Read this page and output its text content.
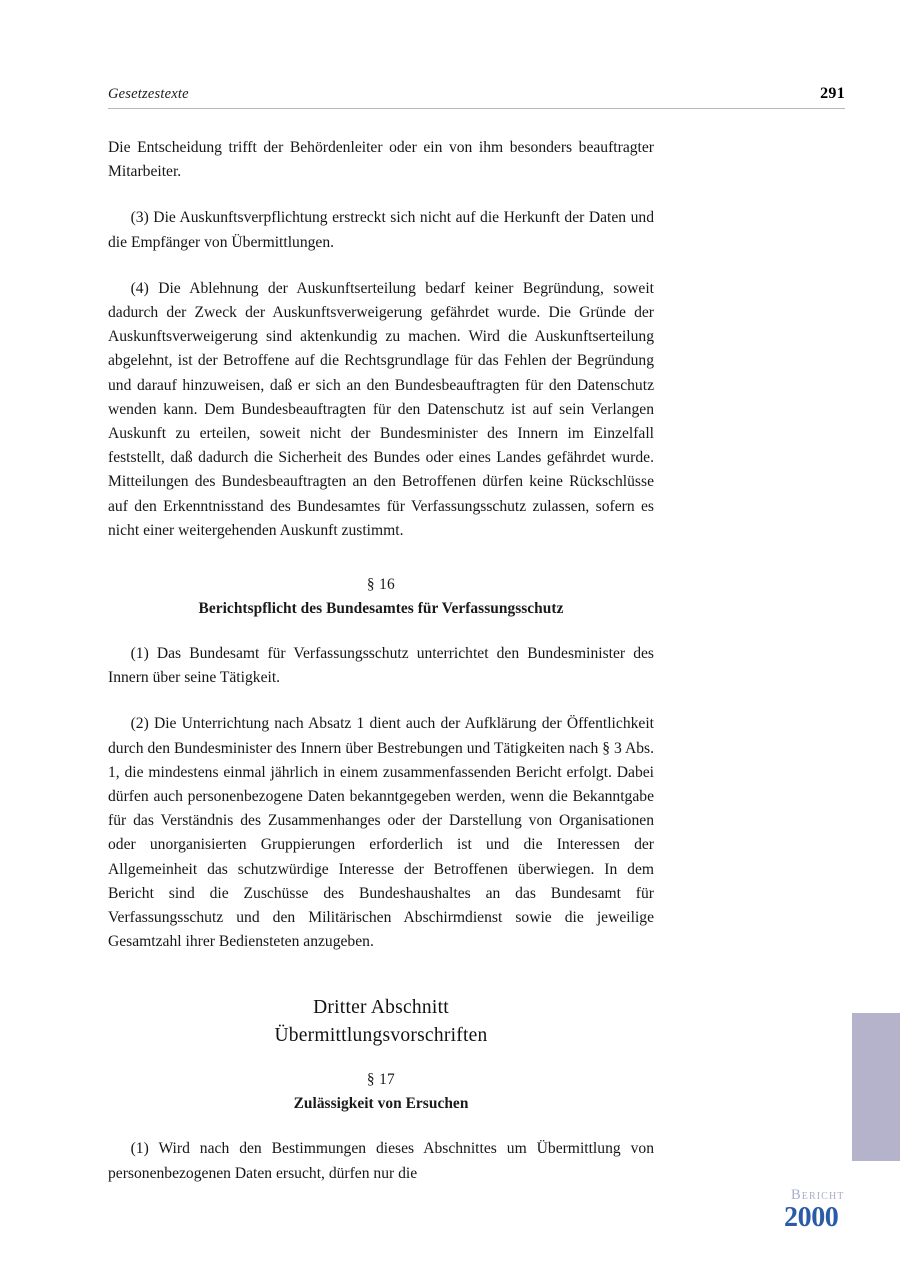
Gesetzestexte	291

Die Entscheidung trifft der Behördenleiter oder ein von ihm besonders beauftragter Mitarbeiter.

(3) Die Auskunftsverpflichtung erstreckt sich nicht auf die Herkunft der Daten und die Empfänger von Übermittlungen.

(4) Die Ablehnung der Auskunftserteilung bedarf keiner Begründung, soweit dadurch der Zweck der Auskunftsverweigerung gefährdet wurde. Die Gründe der Auskunftsverweigerung sind aktenkundig zu machen. Wird die Auskunftserteilung abgelehnt, ist der Betroffene auf die Rechtsgrundlage für das Fehlen der Begründung und darauf hinzuweisen, daß er sich an den Bundesbeauftragten für den Datenschutz wenden kann. Dem Bundesbeauftragten für den Datenschutz ist auf sein Verlangen Auskunft zu erteilen, soweit nicht der Bundesminister des Innern im Einzelfall feststellt, daß dadurch die Sicherheit des Bundes oder eines Landes gefährdet wurde. Mitteilungen des Bundesbeauftragten an den Betroffenen dürfen keine Rückschlüsse auf den Erkenntnisstand des Bundesamtes für Verfassungsschutz zulassen, sofern es nicht einer weitergehenden Auskunft zustimmt.

§ 16
Berichtspflicht des Bundesamtes für Verfassungsschutz

(1) Das Bundesamt für Verfassungsschutz unterrichtet den Bundesminister des Innern über seine Tätigkeit.

(2) Die Unterrichtung nach Absatz 1 dient auch der Aufklärung der Öffentlichkeit durch den Bundesminister des Innern über Bestrebungen und Tätigkeiten nach § 3 Abs. 1, die mindestens einmal jährlich in einem zusammenfassenden Bericht erfolgt. Dabei dürfen auch personenbezogene Daten bekanntgegeben werden, wenn die Bekanntgabe für das Verständnis des Zusammenhanges oder der Darstellung von Organisationen oder unorganisierten Gruppierungen erforderlich ist und die Interessen der Allgemeinheit das schutzwürdige Interesse der Betroffenen überwiegen. In dem Bericht sind die Zuschüsse des Bundeshaushaltes an das Bundesamt für Verfassungsschutz und den Militärischen Abschirmdienst sowie die jeweilige Gesamtzahl ihrer Bediensteten anzugeben.

Dritter Abschnitt
Übermittlungsvorschriften
§ 17
Zulässigkeit von Ersuchen

(1) Wird nach den Bestimmungen dieses Abschnittes um Übermittlung von personenbezogenen Daten ersucht, dürfen nur die

Bericht
2000
